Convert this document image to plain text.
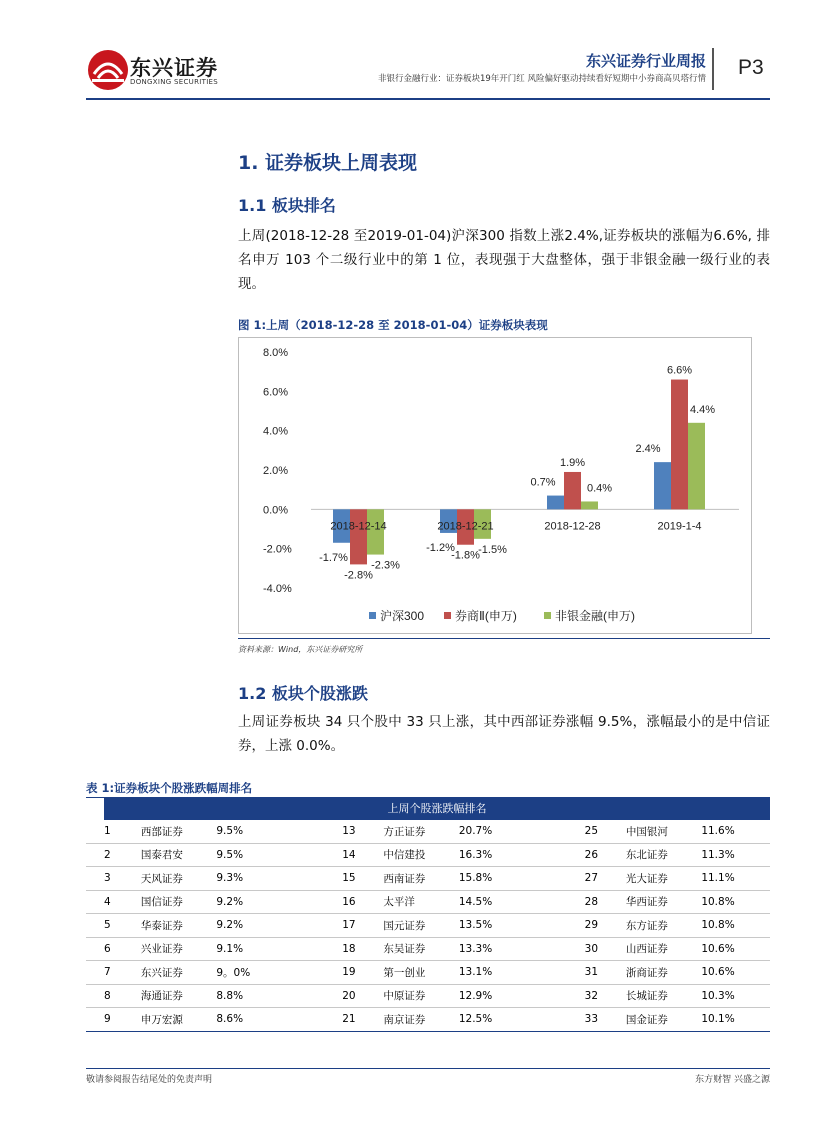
东兴证券
DONGXING SECURITIES
东兴证券行业周报
非银行金融行业：证券板块19年开门红 风险偏好驱动持续看好短期中小券商高贝塔行情 P3
1. 证券板块上周表现
1.1 板块排名
上周(2018-12-28 至2019-01-04)沪深300 指数上涨2.4%,证券板块的涨幅为6.6%, 排名申万 103 个二级行业中的第 1 位，表现强于大盘整体，强于非银金融一级行业的表现。
图 1:上周（2018-12-28 至 2018-01-04）证券板块表现
-4.0%
-2.0%
0.0%
2.0%
4.0%
6.0%
8.0%
-1.7%
-2.8%
-2.3%
2018-12-14
-1.2%
-1.8%
-1.5%
2018-12-21
0.7%
1.9%
0.4%
2018-12-28
2.4%
6.6%
4.4%
2019-1-4
沪深300	券商Ⅱ(申万)	非银金融(申万)
资料来源：Wind，东兴证券研究所
1.2 板块个股涨跌
上周证券板块 34 只个股中 33 只上涨，其中西部证券涨幅 9.5%，涨幅最小的是中信证券，上涨 0.0%。
表 1:证券板块个股涨跌幅周排名
上周个股涨跌幅排名
1	西部证券	9.5%	13	方正证券	20.7%	25	中国银河	11.6%
2	国泰君安	9.5%	14	中信建投	16.3%	26	东北证券	11.3%
3	天风证券	9.3%	15	西南证券	15.8%	27	光大证券	11.1%
4	国信证券	9.2%	16	太平洋	14.5%	28	华西证券	10.8%
5	华泰证券	9.2%	17	国元证券	13.5%	29	东方证券	10.8%
6	兴业证券	9.1%	18	东吴证券	13.3%	30	山西证券	10.6%
7	东兴证券	9。0%	19	第一创业	13.1%	31	浙商证券	10.6%
8	海通证券	8.8%	20	中原证券	12.9%	32	长城证券	10.3%
9	申万宏源	8.6%	21	南京证券	12.5%	33	国金证券	10.1%
敬请参阅报告结尾处的免责声明	东方财智 兴盛之源
